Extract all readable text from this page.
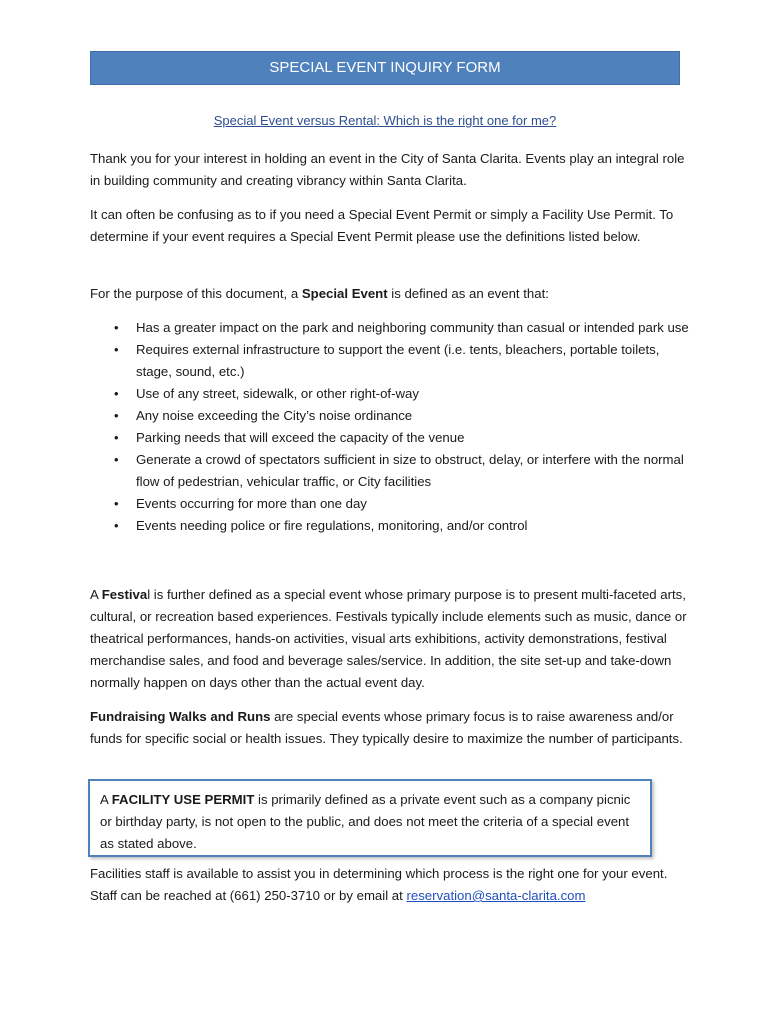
SPECIAL EVENT INQUIRY FORM
Special Event versus Rental: Which is the right one for me?

Thank you for your interest in holding an event in the City of Santa Clarita. Events play an integral role in building community and creating vibrancy within Santa Clarita.

It can often be confusing as to if you need a Special Event Permit or simply a Facility Use Permit. To determine if your event requires a Special Event Permit please use the definitions listed below.

For the purpose of this document, a Special Event is defined as an event that:

• Has a greater impact on the park and neighboring community than casual or intended park use
• Requires external infrastructure to support the event (i.e. tents, bleachers, portable toilets, stage, sound, etc.)
• Use of any street, sidewalk, or other right-of-way
• Any noise exceeding the City’s noise ordinance
• Parking needs that will exceed the capacity of the venue
• Generate a crowd of spectators sufficient in size to obstruct, delay, or interfere with the normal flow of pedestrian, vehicular traffic, or City facilities
• Events occurring for more than one day
• Events needing police or fire regulations, monitoring, and/or control

A Festival is further defined as a special event whose primary purpose is to present multi-faceted arts, cultural, or recreation based experiences. Festivals typically include elements such as music, dance or theatrical performances, hands-on activities, visual arts exhibitions, activity demonstrations, festival merchandise sales, and food and beverage sales/service. In addition, the site set-up and take-down normally happen on days other than the actual event day.

Fundraising Walks and Runs are special events whose primary focus is to raise awareness and/or funds for specific social or health issues. They typically desire to maximize the number of participants.

A FACILITY USE PERMIT is primarily defined as a private event such as a company picnic or birthday party, is not open to the public, and does not meet the criteria of a special event as stated above.

Facilities staff is available to assist you in determining which process is the right one for your event. Staff can be reached at (661) 250-3710 or by email at reservation@santa-clarita.com
